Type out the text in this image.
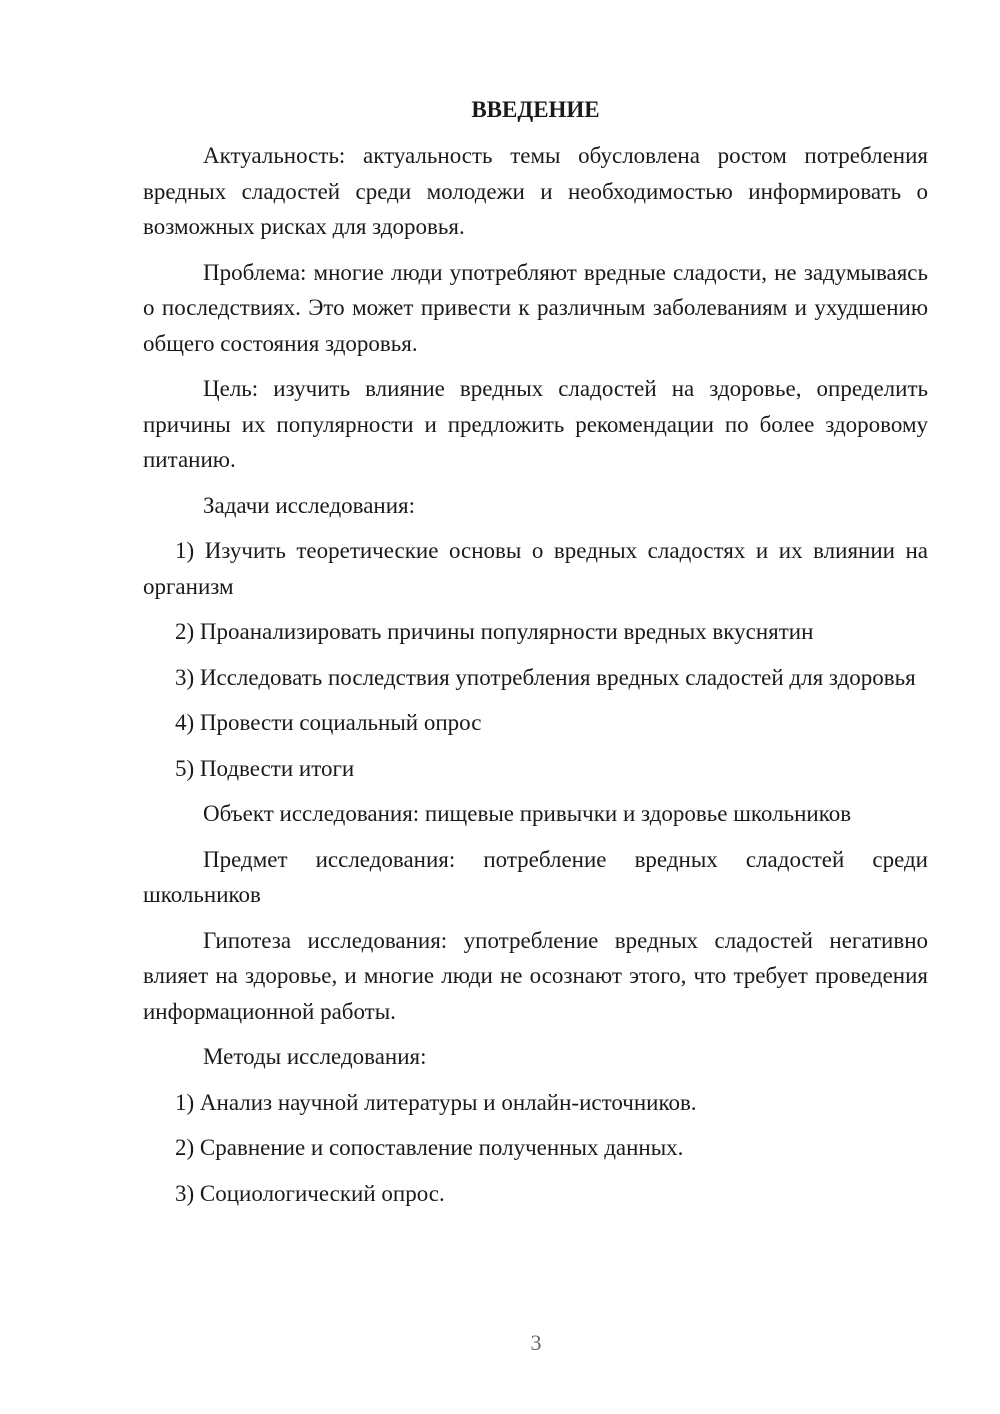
ВВЕДЕНИЕ

Актуальность: актуальность темы обусловлена ростом потребления вредных сладостей среди молодежи и необходимостью информировать о возможных рисках для здоровья.

Проблема: многие люди употребляют вредные сладости, не задумываясь о последствиях. Это может привести к различным заболеваниям и ухудшению общего состояния здоровья.

Цель: изучить влияние вредных сладостей на здоровье, определить причины их популярности и предложить рекомендации по более здоровому питанию.

Задачи исследования:

1) Изучить теоретические основы о вредных сладостях и их влиянии на организм

2) Проанализировать причины популярности вредных вкуснятин

3) Исследовать последствия употребления вредных сладостей для здоровья

4) Провести социальный опрос

5) Подвести итоги

Объект исследования: пищевые привычки и здоровье школьников

Предмет исследования: потребление вредных сладостей среди школьников

Гипотеза исследования: употребление вредных сладостей негативно влияет на здоровье, и многие люди не осознают этого, что требует проведения информационной работы.

Методы исследования:

1) Анализ научной литературы и онлайн-источников.

2) Сравнение и сопоставление полученных данных.

3) Социологический опрос.

3
